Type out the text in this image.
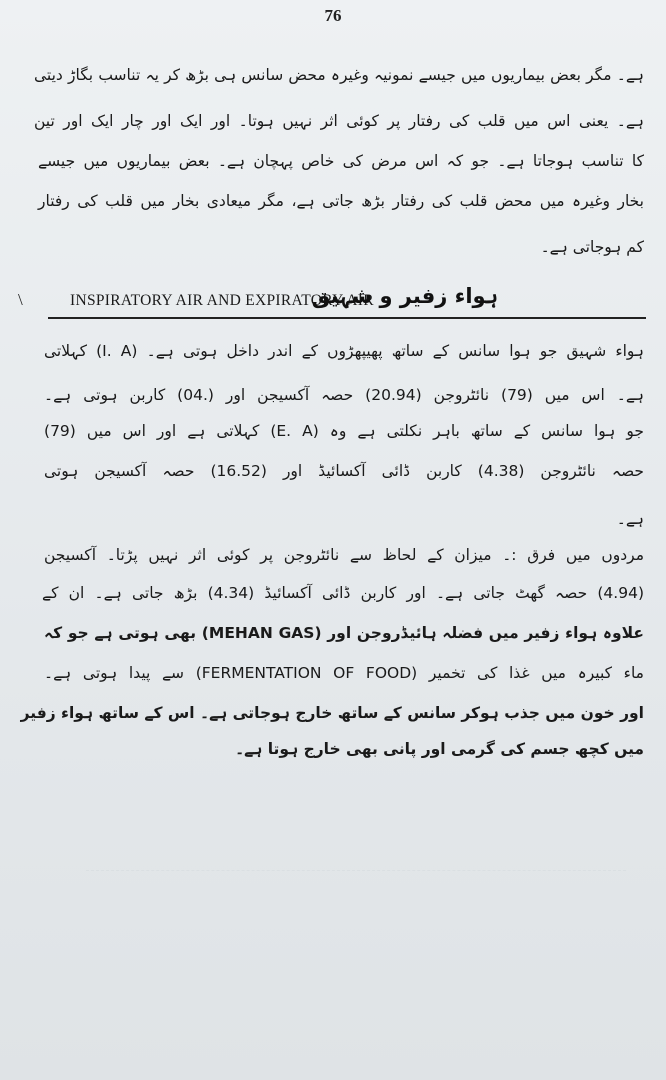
76
ہے۔ مگر بعض بیماریوں میں جیسے نمونیہ وغیرہ محض سانس ہی بڑھ کر یہ تناسب بگاڑ دیتی
ہے۔ یعنی اس میں قلب کی رفتار پر کوئی اثر نہیں ہوتا۔ اور ایک اور چار ایک اور تین
کا تناسب ہوجاتا ہے۔ جو کہ اس مرض کی خاص پہچان ہے۔ بعض بیماریوں میں جیسے
بخار وغیرہ میں محض قلب کی رفتار بڑھ جاتی ہے، مگر میعادی بخار میں قلب کی رفتار
کم ہوجاتی ہے۔
\	INSPIRATORY AIR AND EXPIRATORY AIR
ہواء زفیر و شہیق
ہواء شہیق جو ہوا سانس کے ساتھ پھیپھڑوں کے اندر داخل ہوتی ہے۔ (I. A) کہلاتی
ہے۔ اس میں (79) نائٹروجن (20.94) حصہ آکسیجن اور (.04) کاربن ہوتی ہے۔
جو ہوا سانس کے ساتھ باہر نکلتی ہے وہ (E. A) کہلاتی ہے اور اس میں (79)
حصہ نائٹروجن (4.38) کاربن ڈائی آکسائیڈ اور (16.52) حصہ آکسیجن ہوتی
ہے۔
مردوں میں فرق :۔ میزان کے لحاظ سے نائٹروجن پر کوئی اثر نہیں پڑتا۔ آکسیجن
(4.94) حصہ گھٹ جاتی ہے۔ اور کاربن ڈائی آکسائیڈ (4.34) بڑھ جاتی ہے۔ ان کے
علاوہ ہواء زفیر میں فضلہ ہائیڈروجن اور (MEHAN GAS) بھی ہوتی ہے جو کہ
ماء کبیرہ میں غذا کی تخمیر (FERMENTATION OF FOOD) سے پیدا ہوتی ہے۔
اور خون میں جذب ہوکر سانس کے ساتھ خارج ہوجاتی ہے۔ اس کے ساتھ ہواء زفیر
میں کچھ جسم کی گرمی اور پانی بھی خارج ہوتا ہے۔
